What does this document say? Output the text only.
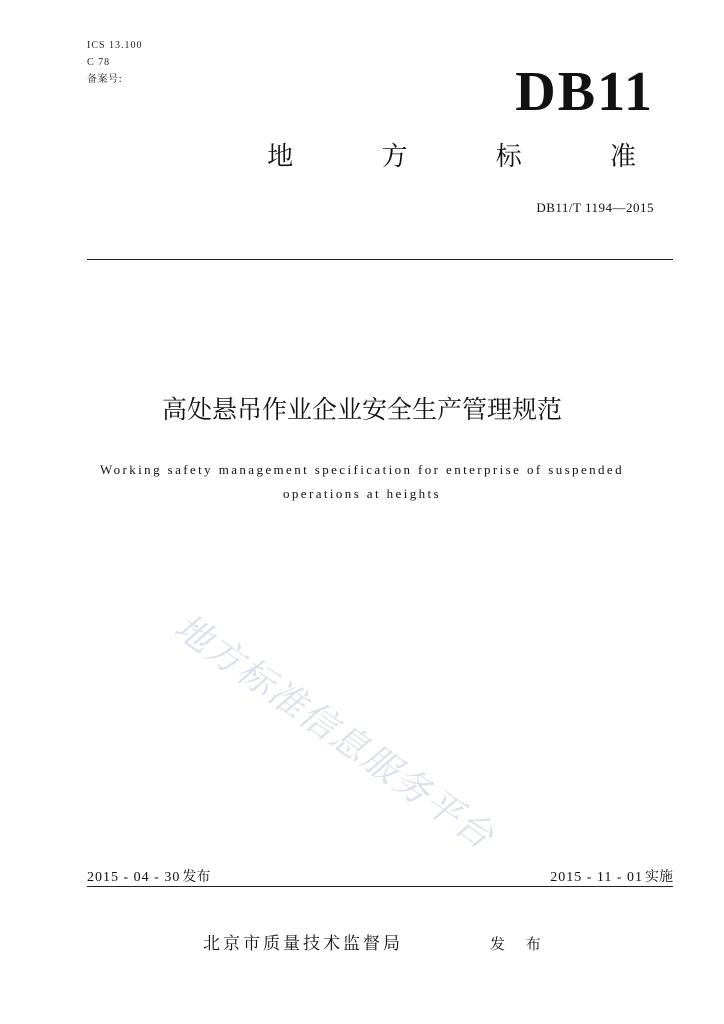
ICS 13.100
C 78
备案号:	DB11
地 方 标 准
DB11/T 1194—2015
高处悬吊作业企业安全生产管理规范
Working safety management specification for enterprise of suspended
operations at heights
地方标准信息服务平台
2015 - 04 - 30 发布	2015 - 11 - 01 实施
北京市质量技术监督局	发 布
